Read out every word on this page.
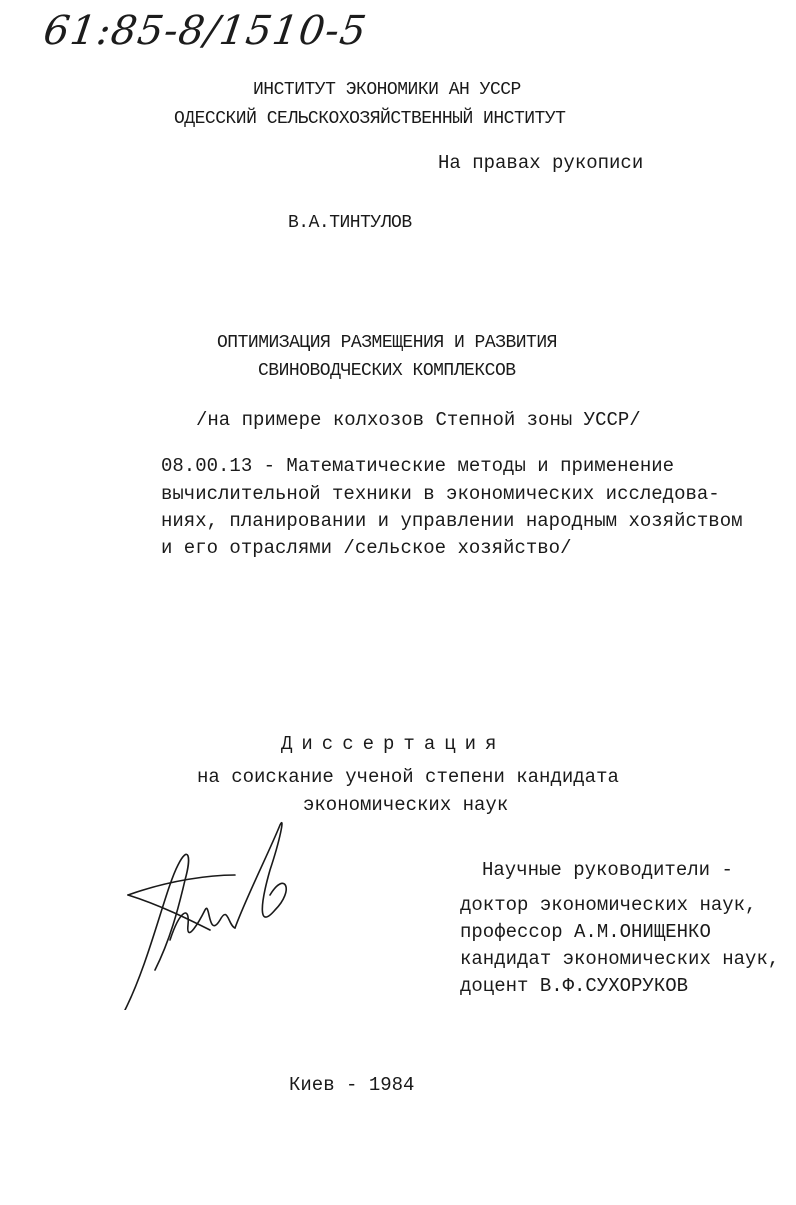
61:85-8/1510-5
ИНСТИТУТ ЭКОНОМИКИ АН УССР
ОДЕССКИЙ СЕЛЬСКОХОЗЯЙСТВЕННЫЙ ИНСТИТУТ
На правах рукописи
В.А.ТИНТУЛОВ
ОПТИМИЗАЦИЯ РАЗМЕЩЕНИЯ И РАЗВИТИЯ
СВИНОВОДЧЕСКИХ КОМПЛЕКСОВ
/на примере колхозов Степной зоны УССР/
08.00.13 - Математические методы и применение
вычислительной техники в экономических исследова-
ниях, планировании и управлении народным хозяйством
и его отраслями /сельское хозяйство/
Диссертация
на соискание ученой степени кандидата
экономических наук
Научные руководители -
доктор экономических наук,
профессор А.М.ОНИЩЕНКО
кандидат экономических наук,
доцент В.Ф.СУХОРУКОВ
Киев - 1984
